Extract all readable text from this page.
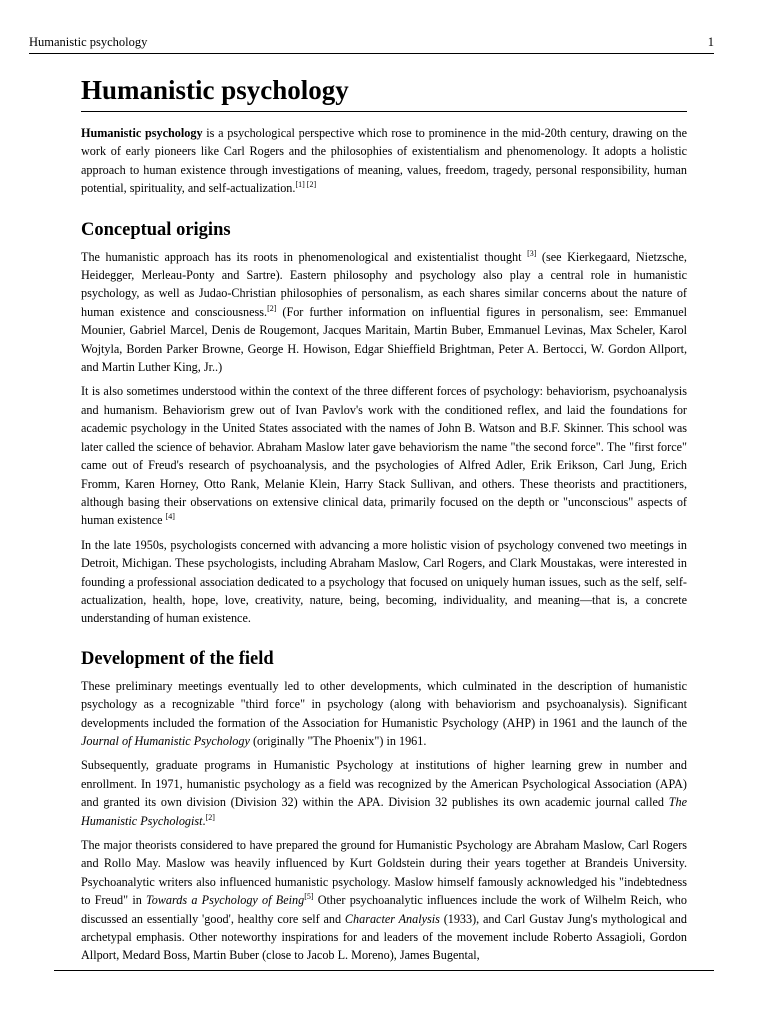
Humanistic psychology	1
Humanistic psychology

Humanistic psychology is a psychological perspective which rose to prominence in the mid-20th century, drawing on the work of early pioneers like Carl Rogers and the philosophies of existentialism and phenomenology. It adopts a holistic approach to human existence through investigations of meaning, values, freedom, tragedy, personal responsibility, human potential, spirituality, and self-actualization.[1] [2]

Conceptual origins

The humanistic approach has its roots in phenomenological and existentialist thought [3] (see Kierkegaard, Nietzsche, Heidegger, Merleau-Ponty and Sartre). Eastern philosophy and psychology also play a central role in humanistic psychology, as well as Judao-Christian philosophies of personalism, as each shares similar concerns about the nature of human existence and consciousness.[2] (For further information on influential figures in personalism, see: Emmanuel Mounier, Gabriel Marcel, Denis de Rougemont, Jacques Maritain, Martin Buber, Emmanuel Levinas, Max Scheler, Karol Wojtyla, Borden Parker Browne, George H. Howison, Edgar Shieffield Brightman, Peter A. Bertocci, W. Gordon Allport, and Martin Luther King, Jr..)

It is also sometimes understood within the context of the three different forces of psychology: behaviorism, psychoanalysis and humanism. Behaviorism grew out of Ivan Pavlov's work with the conditioned reflex, and laid the foundations for academic psychology in the United States associated with the names of John B. Watson and B.F. Skinner. This school was later called the science of behavior. Abraham Maslow later gave behaviorism the name "the second force". The "first force" came out of Freud's research of psychoanalysis, and the psychologies of Alfred Adler, Erik Erikson, Carl Jung, Erich Fromm, Karen Horney, Otto Rank, Melanie Klein, Harry Stack Sullivan, and others. These theorists and practitioners, although basing their observations on extensive clinical data, primarily focused on the depth or "unconscious" aspects of human existence [4]

In the late 1950s, psychologists concerned with advancing a more holistic vision of psychology convened two meetings in Detroit, Michigan. These psychologists, including Abraham Maslow, Carl Rogers, and Clark Moustakas, were interested in founding a professional association dedicated to a psychology that focused on uniquely human issues, such as the self, self-actualization, health, hope, love, creativity, nature, being, becoming, individuality, and meaning—that is, a concrete understanding of human existence.

Development of the field

These preliminary meetings eventually led to other developments, which culminated in the description of humanistic psychology as a recognizable "third force" in psychology (along with behaviorism and psychoanalysis). Significant developments included the formation of the Association for Humanistic Psychology (AHP) in 1961 and the launch of the Journal of Humanistic Psychology (originally "The Phoenix") in 1961.

Subsequently, graduate programs in Humanistic Psychology at institutions of higher learning grew in number and enrollment. In 1971, humanistic psychology as a field was recognized by the American Psychological Association (APA) and granted its own division (Division 32) within the APA. Division 32 publishes its own academic journal called The Humanistic Psychologist.[2]

The major theorists considered to have prepared the ground for Humanistic Psychology are Abraham Maslow, Carl Rogers and Rollo May. Maslow was heavily influenced by Kurt Goldstein during their years together at Brandeis University. Psychoanalytic writers also influenced humanistic psychology. Maslow himself famously acknowledged his "indebtedness to Freud" in Towards a Psychology of Being[5] Other psychoanalytic influences include the work of Wilhelm Reich, who discussed an essentially 'good', healthy core self and Character Analysis (1933), and Carl Gustav Jung's mythological and archetypal emphasis. Other noteworthy inspirations for and leaders of the movement include Roberto Assagioli, Gordon Allport, Medard Boss, Martin Buber (close to Jacob L. Moreno), James Bugental,
